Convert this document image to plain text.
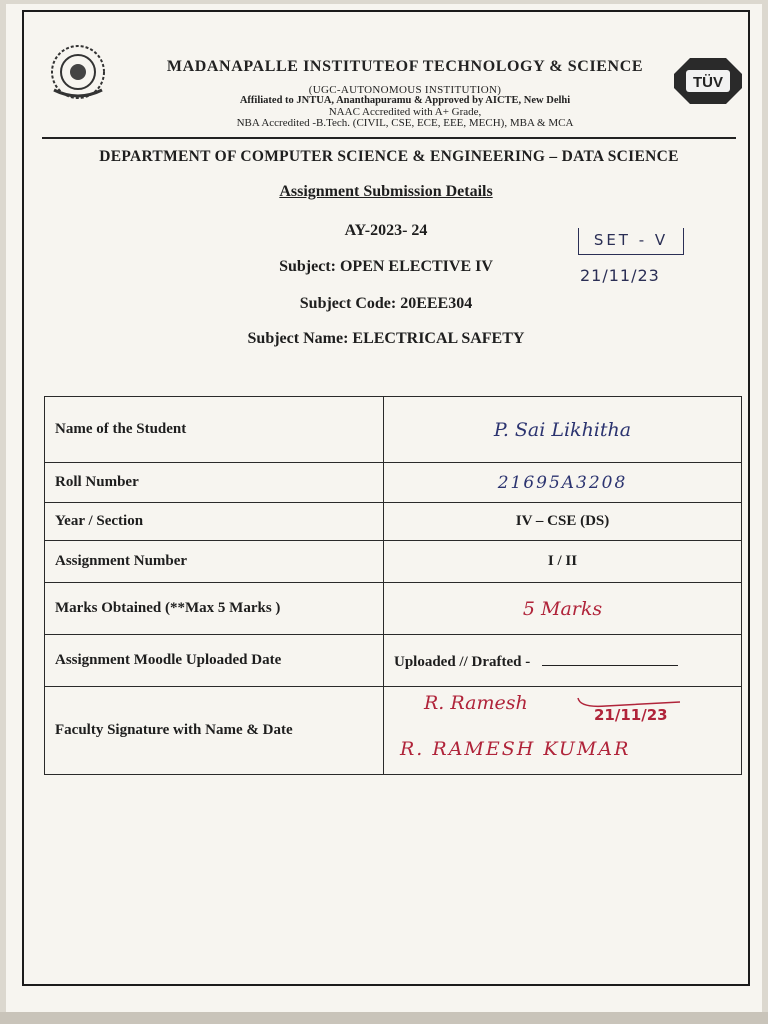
MADANAPALLE INSTITUTEOF TECHNOLOGY & SCIENCE
(UGC-AUTONOMOUS INSTITUTION)
Affiliated to JNTUA, Ananthapuramu & Approved by AICTE, New Delhi
NAAC Accredited with A+ Grade,
NBA Accredited -B.Tech. (CIVIL, CSE, ECE, EEE, MECH), MBA & MCA
TÜV
DEPARTMENT OF COMPUTER SCIENCE & ENGINEERING – DATA SCIENCE
Assignment Submission Details
AY-2023- 24
Subject: OPEN ELECTIVE IV
Subject Code: 20EEE304
Subject Name: ELECTRICAL SAFETY
SET - V
21/11/23
Name of the Student	P. Sai Likhitha
Roll Number	21695A3208
Year / Section	IV – CSE (DS)
Assignment Number	I / II
Marks Obtained (**Max 5 Marks )	5 Marks
Assignment Moodle Uploaded Date	Uploaded // Drafted -
Faculty Signature with Name & Date	R. Ramesh
21/11/23
R. RAMESH KUMAR
